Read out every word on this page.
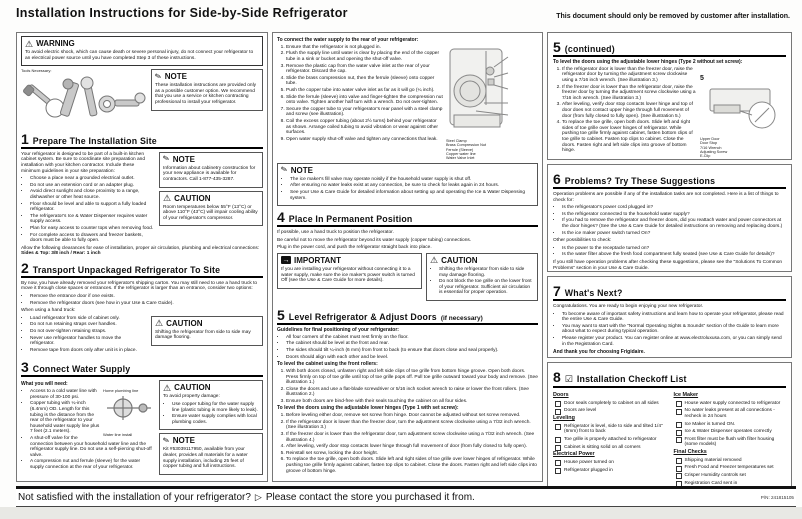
Installation Instructions for Side-by-Side Refrigerator	This document should only be removed by customer after installation.
⚠ WARNING

To avoid electric shock, which can cause death or severe personal injury, do not connect your refrigerator to an electrical power source until you have completed Step 3 of these instructions.

Tools Necessary:
✎ NOTE

These installation instructions are provided only as a possible customer option. We recommend that you use a service or kitchen contracting professional to install your refrigerator.

1 Prepare The Installation Site

Your refrigerator is designed to be part of a built-in kitchen cabinet system. Be sure to coordinate site preparation and installation with your kitchen contractor. Include these minimum guidelines in your site preparation:

• Choose a place near a grounded electrical outlet.
• Do not use an extension cord or an adapter plug.
• Avoid direct sunlight and close proximity to a range, dishwasher or other heat source.
• Floor should be level and able to support a fully loaded refrigerator.
• The refrigerator's Ice & Water Dispenser requires water supply access.
• Plan for easy access to counter tops when removing food.
• For complete access to drawers and freezer baskets, doors must be able to fully open.
✎ NOTE

Information about cabinetry construction for your new appliance is available for contractors. Call 1-877-435-3287.

⚠ CAUTION

Room temperatures below 55°F (13°C) or above 110°F (43°C) will impair cooling ability of your refrigerator's compressor.

Allow the following clearances for ease of installation, proper air circulation, plumbing and electrical connections: Sides & Top: 3/8 inch / Rear: 1 inch

2 Transport Unpackaged Refrigerator To Site

By now, you have already removed your refrigerator's shipping carton. You may still need to use a hand truck to move it through close spaces or entrances. If the refrigerator is larger than an entrance, consider two options:

• Remove the entrance door if one exists.
• Remove the refrigerator doors (see how in your Use & Care Guide).

When using a hand truck:

• Load refrigerator from side of cabinet only.
• Do not run retaining straps over handles.
• Do not over-tighten retaining straps.
• Never use refrigerator handles to move the refrigerator.
• Remove tape from doors only after unit is in place.
⚠ CAUTION

Shifting the refrigerator from side to side may damage flooring.

3 Connect Water Supply

What you will need:

Home plumbing line
Water line install
• Access to a cold water line with pressure of 30-100 psi.
• Copper tubing with ¼-inch (6.4mm) OD. Length for this tubing is the distance from the rear of the refrigerator to your household water supply line plus 7 feet (2.1 meters).
• A shut-off valve for the connection between your household water line and the refrigerator supply line. Do not use a self-piercing shut-off valve.
• A compression nut and ferrule (sleeve) for the water supply connection at the rear of your refrigerator.
⚠ CAUTION

To avoid property damage:

• Use copper tubing for the water supply line (plastic tubing is more likely to leak).
• Ensure water supply complies with local plumbing codes.
✎ NOTE

Kit #53039117950, available from your dealer, provides all materials for a water supply installation, including 25 feet of copper tubing and full instructions.

To connect the water supply to the rear of your refrigerator:

Steel Clamp
Brass Compression Nut
Ferrule (Sleeve)
Copper water line
Water Valve Inlet
1. Ensure that the refrigerator is not plugged in.
2. Flush the supply line until water is clear by placing the end of the copper tube in a sink or bucket and opening the shut-off valve.
3. Remove the plastic cap from the water valve inlet at the rear of your refrigerator. Discard the cap.
4. Slide the brass compression nut, then the ferrule (sleeve) onto copper tube.
5. Push the copper tube into water valve inlet as far as it will go (¼ inch).
6. Slide the ferrule (sleeve) into valve and finger-tighten the compression nut onto valve. Tighten another half turn with a wrench. Do not over-tighten.
7. Secure the copper tube to your refrigerator's rear panel with a steel clamp and screw (see illustration).
8. Coil the excess copper tubing (about 2½ turns) behind your refrigerator as shown. Arrange coiled tubing to avoid vibration or wear against other surfaces.
9. Open water supply shut-off valve and tighten any connections that leak.
✎ NOTE
• The ice maker's fill valve may operate noisily if the household water supply is shut off.
• After ensuring no water leaks exist at any connection, be sure to check for leaks again in 24 hours.
• See your Use & Care Guide for detailed information about setting up and operating the Ice & Water Dispensing system.
4 Place In Permanent Position

If possible, use a hand truck to position the refrigerator.

Be careful not to move the refrigerator beyond its water supply (copper tubing) connections.

Plug in the power cord, and push the refrigerator straight back into place.

→ IMPORTANT

If you are installing your refrigerator without connecting it to a water supply, make sure the ice maker's power switch is turned Off (see the Use & Care Guide for more details).

⚠ CAUTION
• Shifting the refrigerator from side to side may damage flooring.
• Do not block the toe grille on the lower front of your refrigerator. Sufficient air circulation is essential for proper operation.
5 Level Refrigerator & Adjust Doors (if necessary)

Guidelines for final positioning of your refrigerator:

• All four corners of the cabinet must rest firmly on the floor.
• The cabinet should be level at the front and rear.
• The sides should tilt ¼-inch (6 mm) from front to back (to ensure that doors close and seal properly).
• Doors should align with each other and be level.

To level the cabinet using the front rollers:

1. With both doors closed, unfasten right and left side clips of toe grille from bottom hinge groove. Open both doors. Press firmly on top of toe grille until top of toe grille pops off. Pull toe grille outward toward your body and remove. (See illustration 1.)
2. Close the doors and use a flat-blade screwdriver or 5/16 inch socket wrench to raise or lower the front rollers. (See illustration 2.)
3. Ensure both doors are bind-free with their seals touching the cabinet on all four sides.

To level the doors using the adjustable lower hinges (Type 1 with set screw):

1. Before leveling either door, remove set screw from hinge. Door cannot be adjusted without set screw removed.
2. If the refrigerator door is lower than the freezer door, turn the adjustment screw clockwise using a 7/32 inch wrench. (See illustration 3.)
3. If the freezer door is lower than the refrigerator door, turn adjustment screw clockwise using a 7/32 inch wrench. (See illustration 4.)
4. After leveling, verify door stop contacts lower hinge through full movement of door (from fully closed to fully open).
5. Reinstall set screw, locking the door height.
6. To replace the toe grille, open both doors. Slide left and right sides of toe grille over lower hinges of refrigerator. While pushing toe grille firmly against cabinet, fasten top clips to cabinet. Close the doors. Fasten right and left side clips into groove of bottom hinge.
5 (continued)

To level the doors using the adjustable lower hinges (Type 2 without set screw):

5
Upper Door
Door Stop
7/16 Wrench
Adjusting Screw
E-Clip
1. If the refrigerator door is lower than the freezer door, raise the refrigerator door by turning the adjustment screw clockwise using a 7/16 inch wrench. (See illustration 3.)
2. If the freezer door is lower than the refrigerator door, raise the freezer door by turning the adjustment screw clockwise using a 7/16 inch wrench. (See illustration 3.)
3. After leveling, verify door stop contacts lower hinge and top of door does not contact upper hinge through full movement of door (from fully closed to fully open). (See illustration 5.)
4. To replace the toe grille, open both doors. Slide left and right sides of toe grille over lower hinges of refrigerator. While pushing toe grille firmly against cabinet, fasten bottom clips of toe grille to cabinet. Fasten top clips to cabinet. Close the doors. Fasten right and left side clips into groove of bottom hinge.
6 Problems? Try These Suggestions

Operation problems are possible if any of the installation tasks are not completed. Here is a list of things to check for:

• Is the refrigerator's power cord plugged in?
• Is the refrigerator connected to the household water supply?
• If you had to remove the refrigerator and freezer doors, did you reattach water and power connectors at the door hinges? (See the Use & Care Guide for detailed instructions on removing and replacing doors.)
• Is the ice maker power switch turned On?

Other possibilities to check:

• Is the power to the receptacle turned on?
• Is the water filter above the fresh food compartment fully seated (see Use & Care Guide for details)?

If you still have operation problems after checking these suggestions, please see the "Solutions To Common Problems" section in your Use & Care Guide.

7 What's Next?

Congratulations. You are ready to begin enjoying your new refrigerator.

• To become aware of important safety instructions and learn how to operate your refrigerator, please read the entire Use & Care Guide.
• You may want to start with the "Normal Operating Sights & Sounds" section of the Guide to learn more about what to expect during typical operation.
• Please register your product. You can register online at www.electroluxusa.com, or you can simply send in the Registration Card.

And thank you for choosing Frigidaire.

8 ☑ Installation Checkoff List
Doors
Door seals completely to cabinet on all sides
Doors are level
Leveling
Refrigerator is level, side to side and tilted 1/4" (6mm) front to back
Toe grille is properly attached to refrigerator
Cabinet is sitting solid on all corners
Electrical Power
House power turned on
Refrigerator plugged in
Ice Maker
House water supply connected to refrigerator
No water leaks present at all connections - recheck in 24 hours
Ice Maker is turned ON.
Ice & Water Dispenser operates correctly
Front filter must be flush with filter housing (some models)
Final Checks
Shipping material removed
Fresh Food and Freezer temperatures set
Crisper Humidity controls set
Registration Card sent in
Not satisfied with the installation of your refrigerator? ▷ Please contact the store you purchased it from.	P/N: 241815105
